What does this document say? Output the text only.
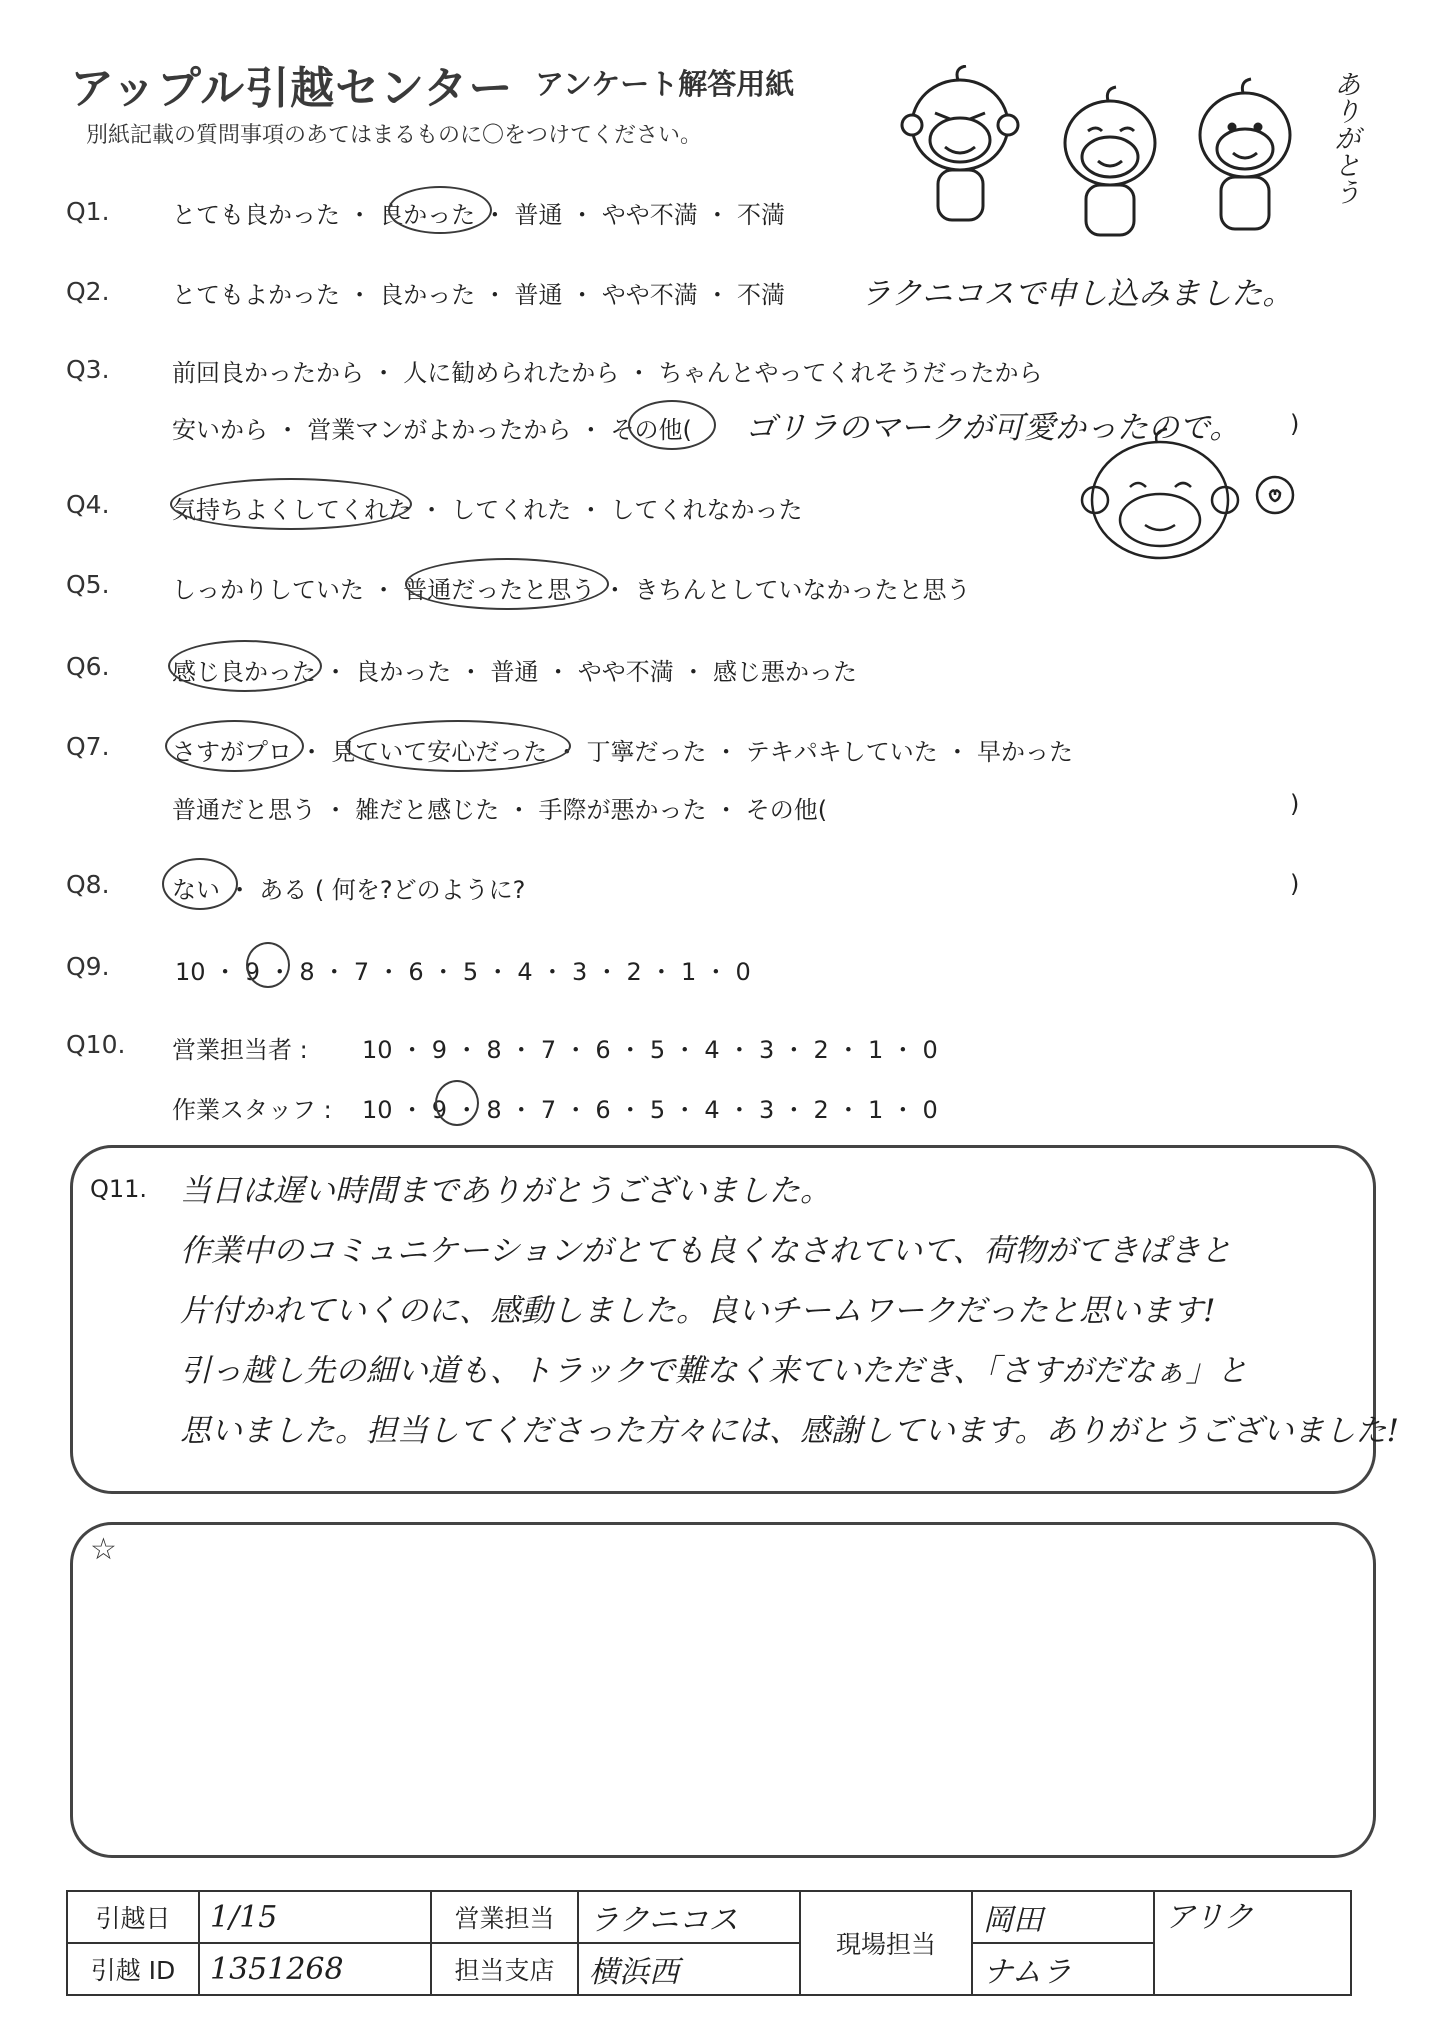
アップル引越センター アンケート解答用紙
別紙記載の質問事項のあてはまるものに〇をつけてください。	ありがとう
Q1.	とても良かった ・ 良かった ・ 普通 ・ やや不満 ・ 不満
Q2.	とてもよかった ・ 良かった ・ 普通 ・ やや不満 ・ 不満 ラクニコスで申し込みました。
Q3.	前回良かったから ・ 人に勧められたから ・ ちゃんとやってくれそうだったから
安いから ・ 営業マンがよかったから ・ その他( ゴリラのマークが可愛かったので。 )
Q4.	気持ちよくしてくれた ・ してくれた ・ してくれなかった
Q5.	しっかりしていた ・ 普通だったと思う ・ きちんとしていなかったと思う
Q6.	感じ良かった ・ 良かった ・ 普通 ・ やや不満 ・ 感じ悪かった
Q7.	さすがプロ ・ 見ていて安心だった ・ 丁寧だった ・ テキパキしていた ・ 早かった
普通だと思う ・ 雑だと感じた ・ 手際が悪かった ・ その他(	)
Q8.	ない ・ ある ( 何を?どのように?	)
Q9.	10 ・ 9 ・ 8 ・ 7 ・ 6 ・ 5 ・ 4 ・ 3 ・ 2 ・ 1 ・ 0
Q10. 営業担当者 : 10 ・ 9 ・ 8 ・ 7 ・ 6 ・ 5 ・ 4 ・ 3 ・ 2 ・ 1 ・ 0
作業スタッフ : 10 ・ 9 ・ 8 ・ 7 ・ 6 ・ 5 ・ 4 ・ 3 ・ 2 ・ 1 ・ 0
Q11. 当日は遅い時間までありがとうございました。
作業中のコミュニケーションがとても良くなされていて、荷物がてきぱきと
片付かれていくのに、感動しました。良いチームワークだったと思います!
引っ越し先の細い道も、トラックで難なく来ていただき、「さすがだなぁ」と
思いました。担当してくださった方々には、感謝しています。ありがとうございました!
☆
引越日	1/15	営業担当	ラクニコス	現場担当	岡田	アリク
引越 ID	1351268	担当支店	横浜西		ナムラ	
